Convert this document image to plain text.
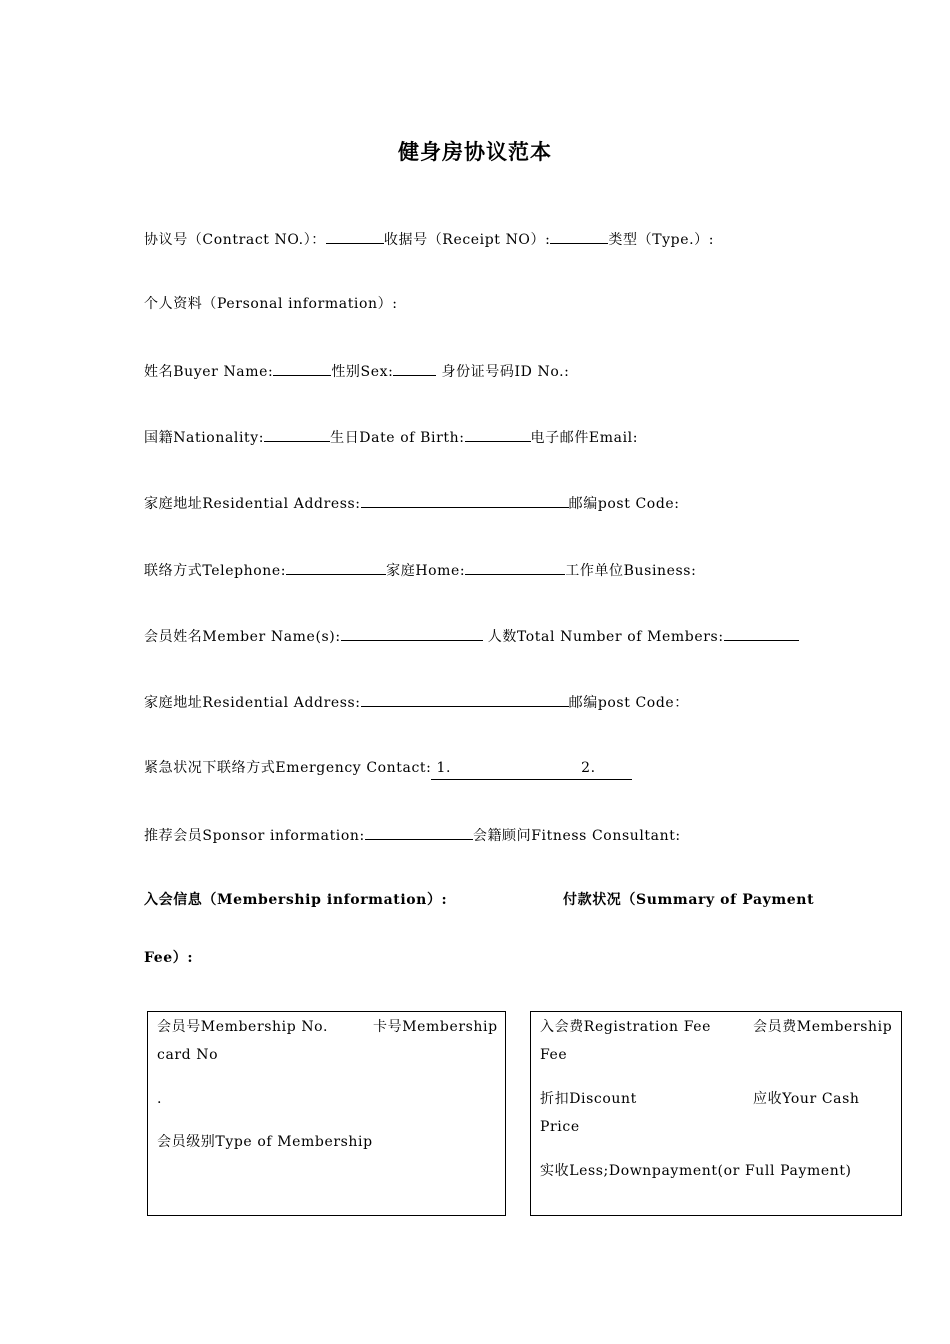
健身房协议范本
协议号（Contract NO.）：	收据号（Receipt NO）:	类型（Type.）:
个人资料（Personal information）:
姓名Buyer Name:	性别Sex:	身份证号码ID No.:
国籍Nationality:	生日Date of Birth:	电子邮件Email:
家庭地址Residential Address:	邮编post Code:
联络方式Telephone:	家庭Home:	工作单位Business:
会员姓名Member Name(s):	人数Total Number of Members:
家庭地址Residential Address:	邮编post Code：
紧急状况下联络方式Emergency Contact: 1.	2.
推荐会员Sponsor information:	会籍顾问Fitness Consultant:
入会信息（Membership information）:	付款状况（Summary of Payment
Fee）:
会员号Membership No.	卡号Membership
card No
.
会员级别Type of Membership
入会费Registration Fee	会员费Membership
Fee
折扣Discount	应收Your Cash
Price
实收Less;Downpayment(or Full Payment)
